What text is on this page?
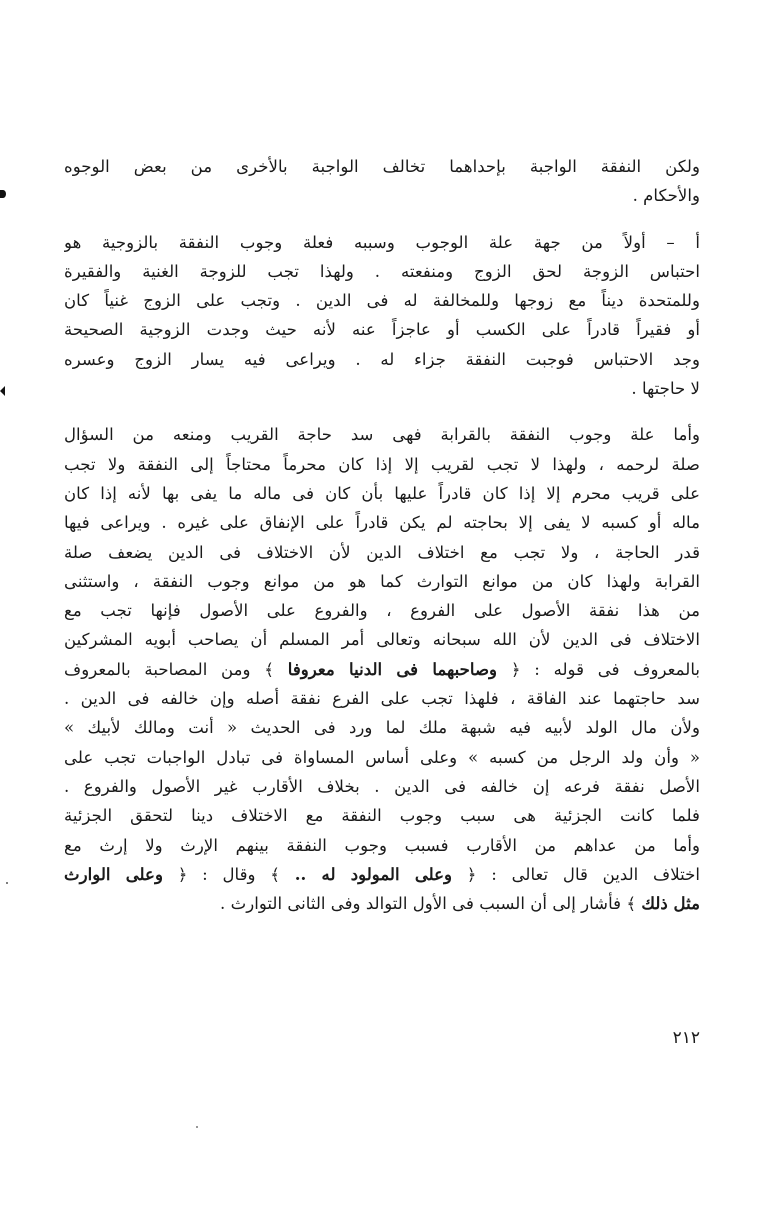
ولكن النفقة الواجبة بإحداهما تخالف الواجبة بالأخرى من بعض الوجوه
والأحكام .
أ – أولاً من جهة علة الوجوب وسببه فعلة وجوب النفقة بالزوجية هو
احتباس الزوجة لحق الزوج ومنفعته . ولهذا تجب للزوجة الغنية والفقيرة
وللمتحدة ديناً مع زوجها وللمخالفة له فى الدين . وتجب على الزوج غنياً كان
أو فقيراً قادراً على الكسب أو عاجزاً عنه لأنه حيث وجدت الزوجية الصحيحة
وجد الاحتباس فوجبت النفقة جزاء له . ويراعى فيه يسار الزوج وعسره
لا حاجتها .
وأما علة وجوب النفقة بالقرابة فهى سد حاجة القريب ومنعه من السؤال
صلة لرحمه ، ولهذا لا تجب لقريب إلا إذا كان محرماً محتاجاً إلى النفقة ولا تجب
على قريب محرم إلا إذا كان قادراً عليها بأن كان فى ماله ما يفى بها لأنه إذا كان
ماله أو كسبه لا يفى إلا بحاجته لم يكن قادراً على الإنفاق على غيره . ويراعى فيها
قدر الحاجة ، ولا تجب مع اختلاف الدين لأن الاختلاف فى الدين يضعف صلة
القرابة ولهذا كان من موانع التوارث كما هو من موانع وجوب النفقة ، واستثنى
من هذا نفقة الأصول على الفروع ، والفروع على الأصول فإنها تجب مع
الاختلاف فى الدين لأن الله سبحانه وتعالى أمر المسلم أن يصاحب أبويه المشركين
بالمعروف فى قوله : ﴿ وصاحبهما فى الدنيا معروفا ﴾ ومن المصاحبة بالمعروف
سد حاجتهما عند الفاقة ، فلهذا تجب على الفرع نفقة أصله وإن خالفه فى الدين .
ولأن مال الولد لأبيه فيه شبهة ملك لما ورد فى الحديث « أنت ومالك لأبيك »
« وأن ولد الرجل من كسبه » وعلى أساس المساواة فى تبادل الواجبات تجب على
الأصل نفقة فرعه إن خالفه فى الدين . بخلاف الأقارب غير الأصول والفروع .
فلما كانت الجزئية هى سبب وجوب النفقة مع الاختلاف دينا لتحقق الجزئية
وأما من عداهم من الأقارب فسبب وجوب النفقة بينهم الإرث ولا إرث مع
اختلاف الدين قال تعالى : ﴿ وعلى المولود له .. ﴾ وقال : ﴿ وعلى الوارث
مثل ذلك ﴾ فأشار إلى أن السبب فى الأول التوالد وفى الثانى التوارث .
٢١٢
